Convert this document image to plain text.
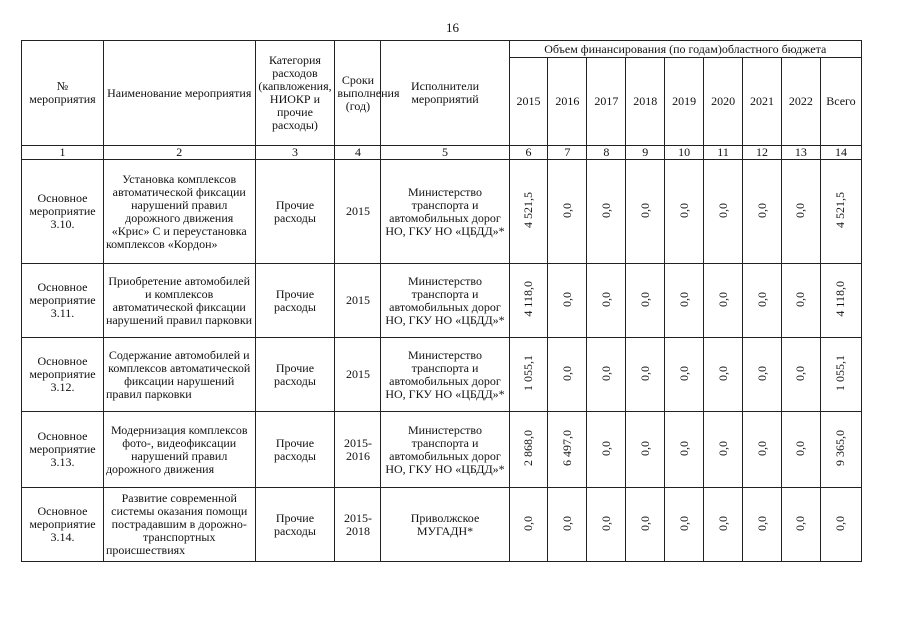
16
№ мероприятия	Наименование мероприятия	Категория расходов (капвложения, НИОКР и прочие расходы)	Сроки выполнения (год)	Исполнители мероприятий	Объем финансирования (по годам)областного бюджета								
					2015	2016	2017	2018	2019	2020	2021	2022	Всего
1	2	3	4	5	6	7	8	9	10	11	12	13	14
Основное мероприятие 3.10.	Установка комплексов автоматической фиксации нарушений правил дорожного движения «Крис» С и переустановка комплексов «Кордон»	Прочие расходы	2015	Министерство транспорта и автомобильных дорог НО, ГКУ НО «ЦБДД»*	4 521,5	0,0	0,0	0,0	0,0	0,0	0,0	0,0	4 521,5
Основное мероприятие 3.11.	Приобретение автомобилей и комплексов автоматической фиксации нарушений правил парковки	Прочие расходы	2015	Министерство транспорта и автомобильных дорог НО, ГКУ НО «ЦБДД»*	4 118,0	0,0	0,0	0,0	0,0	0,0	0,0	0,0	4 118,0
Основное мероприятие 3.12.	Содержание автомобилей и комплексов автоматической фиксации нарушений правил парковки	Прочие расходы	2015	Министерство транспорта и автомобильных дорог НО, ГКУ НО «ЦБДД»*	1 055,1	0,0	0,0	0,0	0,0	0,0	0,0	0,0	1 055,1
Основное мероприятие 3.13.	Модернизация комплексов фото-, видеофиксации нарушений правил дорожного движения	Прочие расходы	2015-2016	Министерство транспорта и автомобильных дорог НО, ГКУ НО «ЦБДД»*	2 868,0	6 497,0	0,0	0,0	0,0	0,0	0,0	0,0	9 365,0
Основное мероприятие 3.14.	Развитие современной системы оказания помощи пострадавшим в дорожно-транспортных происшествиях	Прочие расходы	2015-2018	Приволжское МУГАДН*	0,0	0,0	0,0	0,0	0,0	0,0	0,0	0,0	0,0
